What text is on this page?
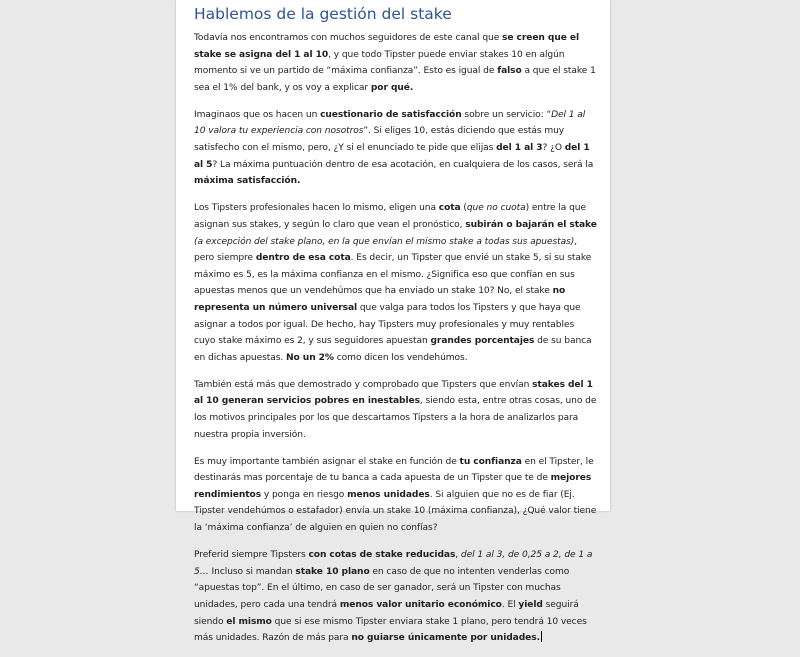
Hablemos de la gestión del stake

Todavía nos encontramos con muchos seguidores de este canal que se creen que el stake se asigna del 1 al 10, y que todo Tipster puede enviar stakes 10 en algún momento si ve un partido de “máxima confianza”. Esto es igual de falso a que el stake 1 sea el 1% del bank, y os voy a explicar por qué.

Imaginaos que os hacen un cuestionario de satisfacción sobre un servicio: “Del 1 al 10 valora tu experiencia con nosotros”. Si eliges 10, estás diciendo que estás muy satisfecho con el mismo, pero, ¿Y si el enunciado te pide que elijas del 1 al 3? ¿O del 1 al 5? La máxima puntuación dentro de esa acotación, en cualquiera de los casos, será la máxima satisfacción.

Los Tipsters profesionales hacen lo mismo, eligen una cota (que no cuota) entre la que asignan sus stakes, y según lo claro que vean el pronóstico, subirán o bajarán el stake (a excepción del stake plano, en la que envían el mismo stake a todas sus apuestas), pero siempre dentro de esa cota. Es decir, un Tipster que envié un stake 5, si su stake máximo es 5, es la máxima confianza en el mismo. ¿Significa eso que confían en sus apuestas menos que un vendehúmos que ha enviado un stake 10? No, el stake no representa un número universal que valga para todos los Tipsters y que haya que asignar a todos por igual. De hecho, hay Tipsters muy profesionales y muy rentables cuyo stake máximo es 2, y sus seguidores apuestan grandes porcentajes de su banca en dichas apuestas. No un 2% como dicen los vendehúmos.

También está más que demostrado y comprobado que Tipsters que envían stakes del 1 al 10 generan servicios pobres en inestables, siendo esta, entre otras cosas, uno de los motivos principales por los que descartamos Tipsters a la hora de analizarlos para nuestra propia inversión.

Es muy importante también asignar el stake en función de tu confianza en el Tipster, le destinarás mas porcentaje de tu banca a cada apuesta de un Tipster que te de mejores rendimientos y ponga en riesgo menos unidades. Si alguien que no es de fiar (Ej. Tipster vendehúmos o estafador) envía un stake 10 (máxima confianza), ¿Qué valor tiene la ‘máxima confianza’ de alguien en quien no confías?

Preferid siempre Tipsters con cotas de stake reducidas, del 1 al 3, de 0,25 a 2, de 1 a 5… Incluso si mandan stake 10 plano en caso de que no intenten venderlas como “apuestas top”. En el último, en caso de ser ganador, será un Tipster con muchas unidades, pero cada una tendrá menos valor unitario económico. El yield seguirá siendo el mismo que si ese mismo Tipster enviara stake 1 plano, pero tendrá 10 veces más unidades. Razón de más para no guiarse únicamente por unidades.
